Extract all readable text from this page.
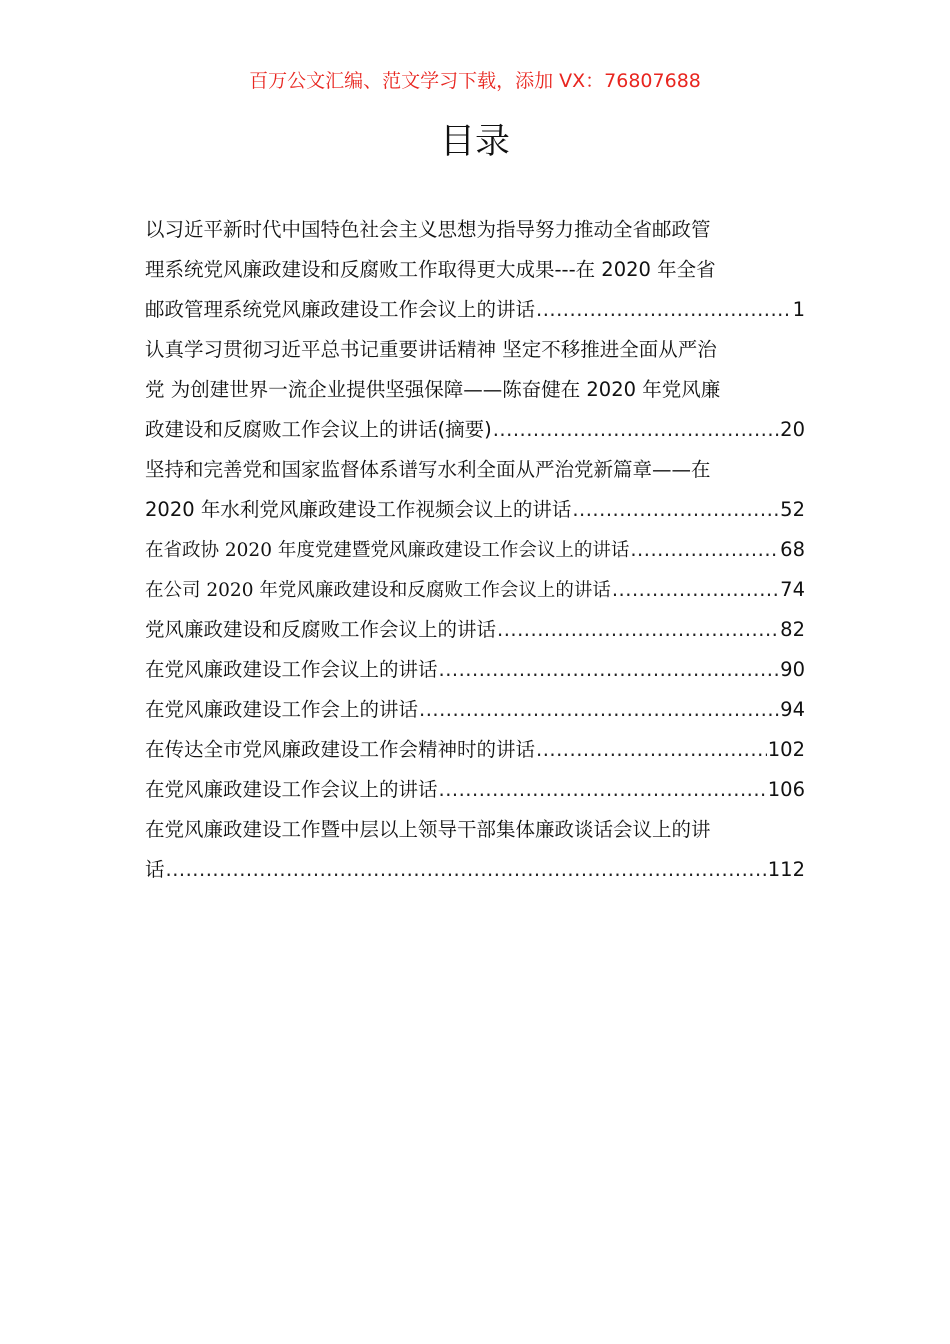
百万公文汇编、范文学习下载，添加 VX：76807688
目录
以习近平新时代中国特色社会主义思想为指导努力推动全省邮政管
理系统党风廉政建设和反腐败工作取得更大成果---在 2020 年全省
邮政管理系统党风廉政建设工作会议上的讲话 .....	1
认真学习贯彻习近平总书记重要讲话精神 坚定不移推进全面从严治
党 为创建世界一流企业提供坚强保障——陈奋健在 2020 年党风廉
政建设和反腐败工作会议上的讲话(摘要) .....	20
坚持和完善党和国家监督体系谱写水利全面从严治党新篇章——在
2020 年水利党风廉政建设工作视频会议上的讲话 .....	52
在省政协 2020 年度党建暨党风廉政建设工作会议上的讲话 .....	68
在公司 2020 年党风廉政建设和反腐败工作会议上的讲话 .....	74
党风廉政建设和反腐败工作会议上的讲话 .....	82
在党风廉政建设工作会议上的讲话 .....	90
在党风廉政建设工作会上的讲话 .....	94
在传达全市党风廉政建设工作会精神时的讲话 .....	102
在党风廉政建设工作会议上的讲话 .....	106
在党风廉政建设工作暨中层以上领导干部集体廉政谈话会议上的讲
话 .....	112
